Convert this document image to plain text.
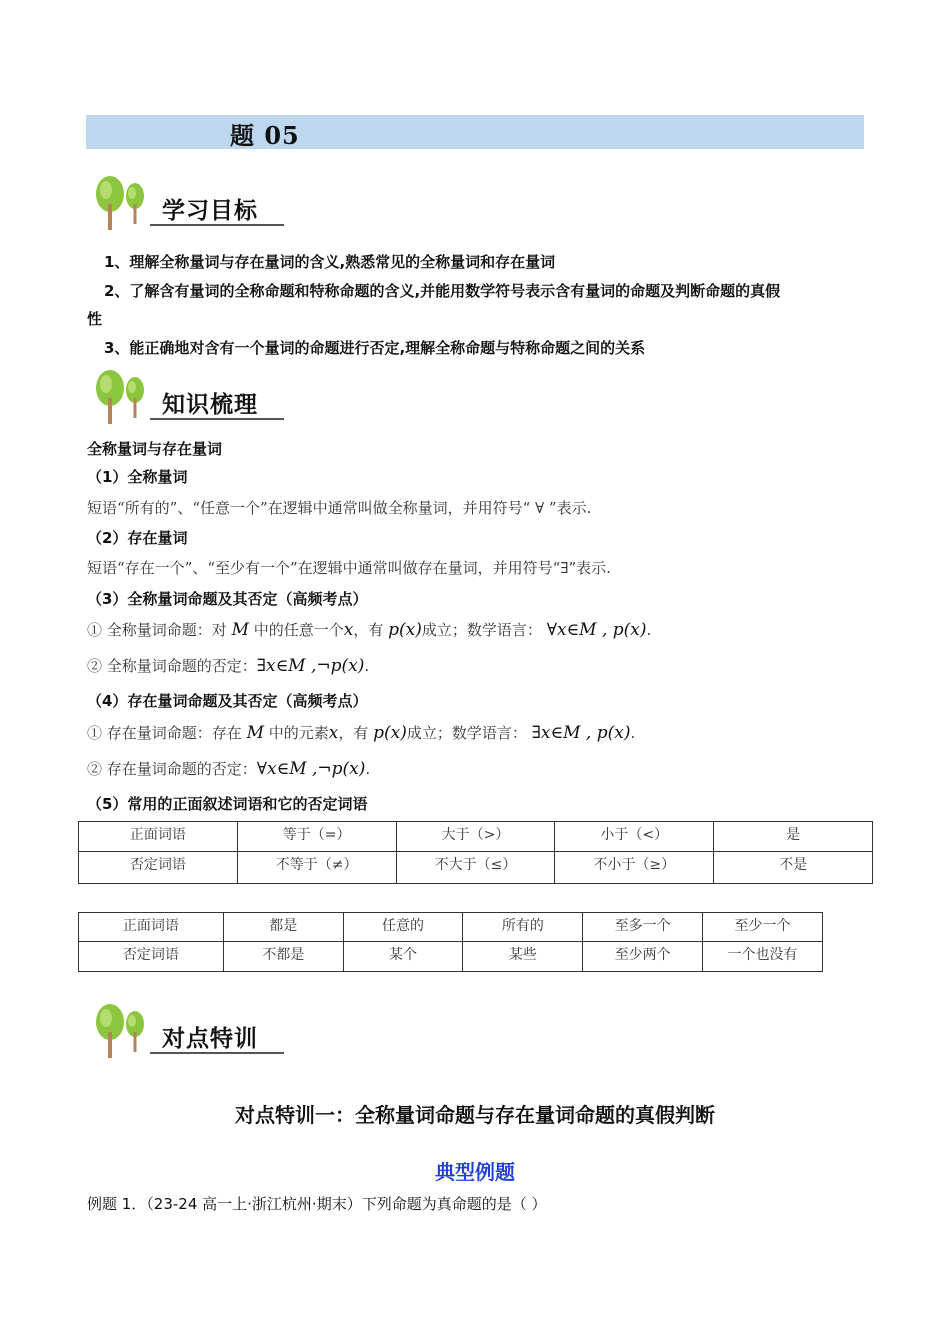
题 05
学习目标
1、理解全称量词与存在量词的含义,熟悉常见的全称量词和存在量词
2、了解含有量词的全称命题和特称命题的含义,并能用数学符号表示含有量词的命题及判断命题的真假
性
3、能正确地对含有一个量词的命题进行否定,理解全称命题与特称命题之间的关系
知识梳理
全称量词与存在量词
（1）全称量词
短语“所有的”、“任意一个”在逻辑中通常叫做全称量词，并用符号“ ∀ ”表示.
（2）存在量词
短语“存在一个”、“至少有一个”在逻辑中通常叫做存在量词，并用符号“∃”表示.
（3）全称量词命题及其否定（高频考点）
① 全称量词命题：对 M 中的任意一个x，有 p(x)成立；数学语言： ∀x∈M , p(x).
② 全称量词命题的否定：∃x∈M ,¬p(x).
（4）存在量词命题及其否定（高频考点）
① 存在量词命题：存在 M 中的元素x，有 p(x)成立；数学语言： ∃x∈M , p(x).
② 存在量词命题的否定：∀x∈M ,¬p(x).
（5）常用的正面叙述词语和它的否定词语
正面词语	等于（=）	大于（>）	小于（<）	是
否定词语	不等于（≠）	不大于（≤）	不小于（≥）	不是
正面词语	都是	任意的	所有的	至多一个	至少一个
否定词语	不都是	某个	某些	至少两个	一个也没有
对点特训
对点特训一：全称量词命题与存在量词命题的真假判断
典型例题
例题 1．（23-24 高一上·浙江杭州·期末）下列命题为真命题的是（ ）
